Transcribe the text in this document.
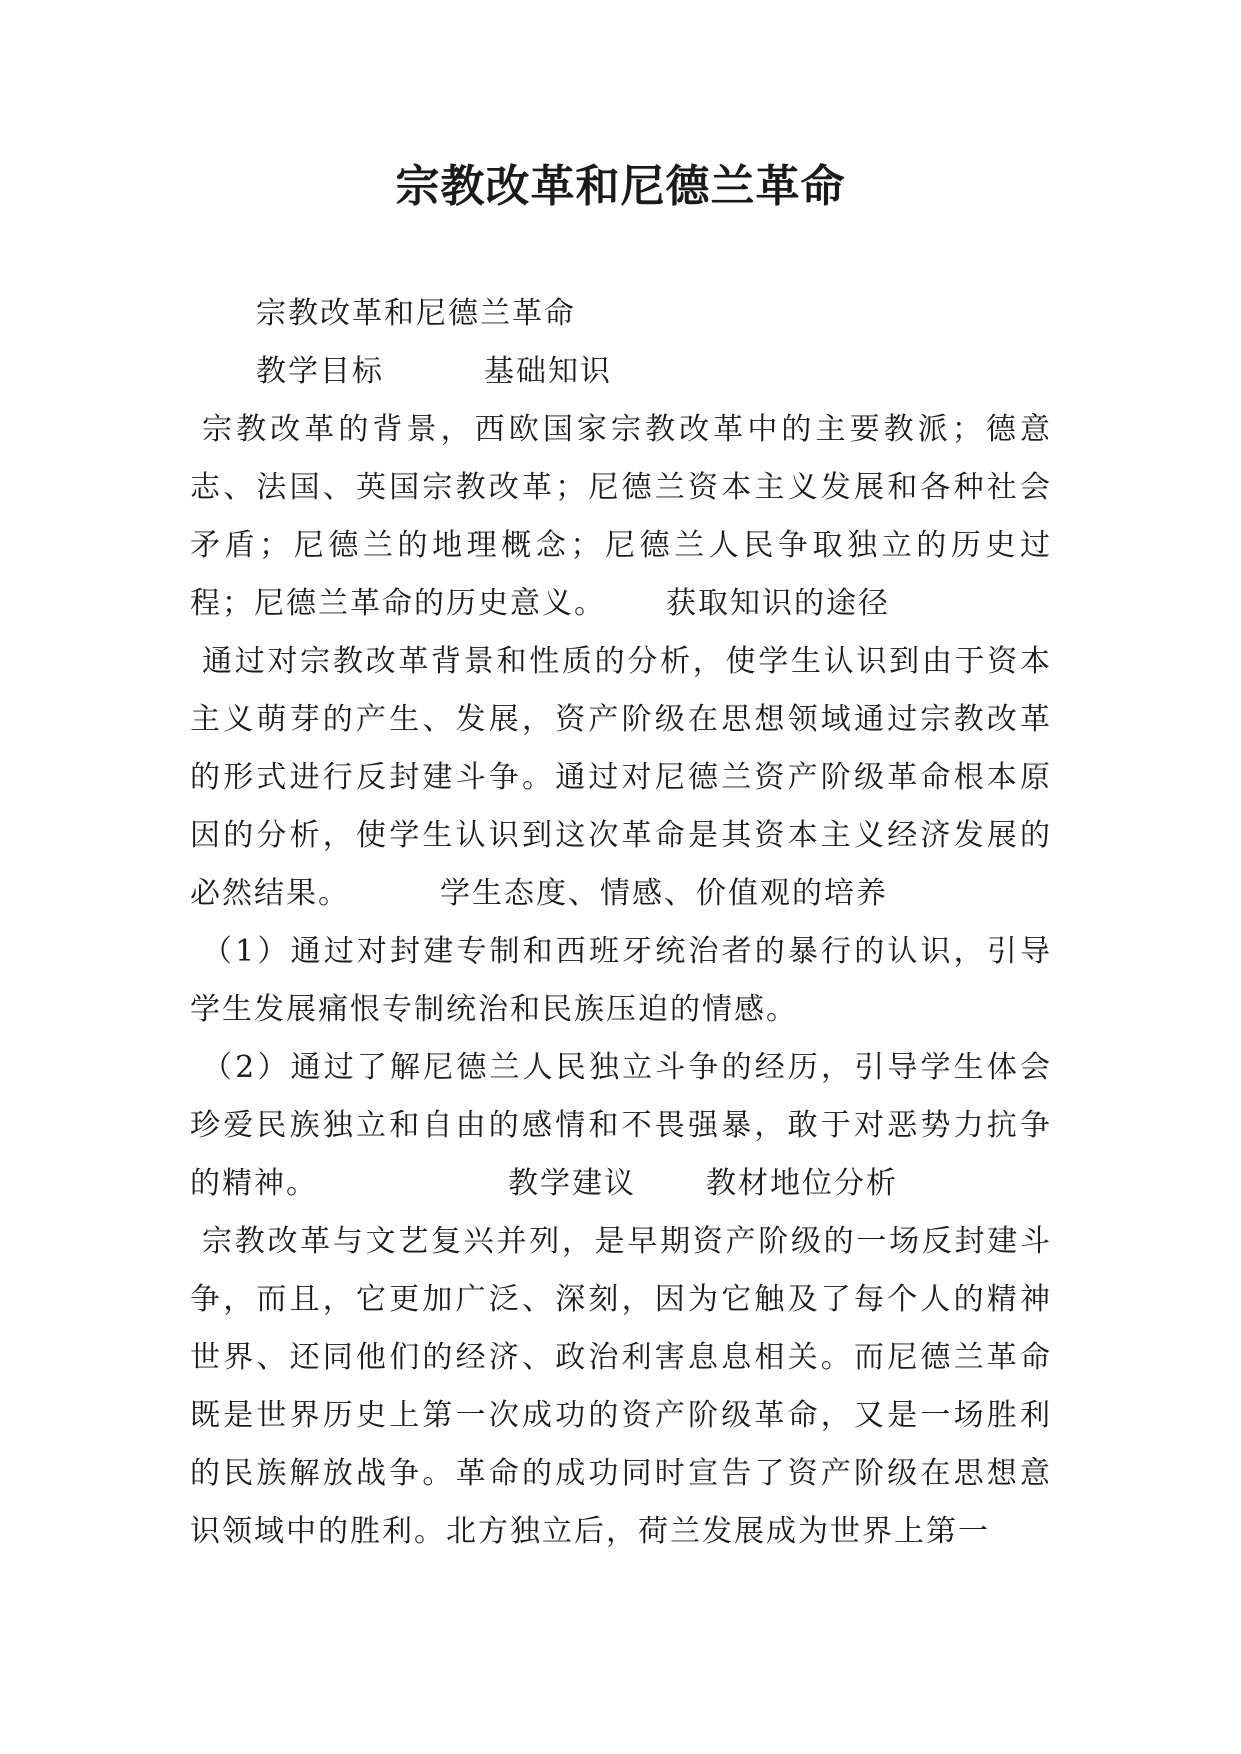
宗教改革和尼德兰革命

宗教改革和尼德兰革命

教学目标	基础知识

宗教改革的背景，西欧国家宗教改革中的主要教派；德意志、法国、英国宗教改革；尼德兰资本主义发展和各种社会矛盾；尼德兰的地理概念；尼德兰人民争取独立的历史过程；尼德兰革命的历史意义。 获取知识的途径

通过对宗教改革背景和性质的分析，使学生认识到由于资本主义萌芽的产生、发展，资产阶级在思想领域通过宗教改革的形式进行反封建斗争。通过对尼德兰资产阶级革命根本原因的分析，使学生认识到这次革命是其资本主义经济发展的必然结果。	学生态度、情感、价值观的培养

（1）通过对封建专制和西班牙统治者的暴行的认识，引导学生发展痛恨专制统治和民族压迫的情感。

（2）通过了解尼德兰人民独立斗争的经历，引导学生体会珍爱民族独立和自由的感情和不畏强暴，敢于对恶势力抗争的精神。	教学建议 教材地位分析

宗教改革与文艺复兴并列，是早期资产阶级的一场反封建斗争，而且，它更加广泛、深刻，因为它触及了每个人的精神世界、还同他们的经济、政治利害息息相关。而尼德兰革命既是世界历史上第一次成功的资产阶级革命，又是一场胜利的民族解放战争。革命的成功同时宣告了资产阶级在思想意识领域中的胜利。北方独立后，荷兰发展成为世界上第一
